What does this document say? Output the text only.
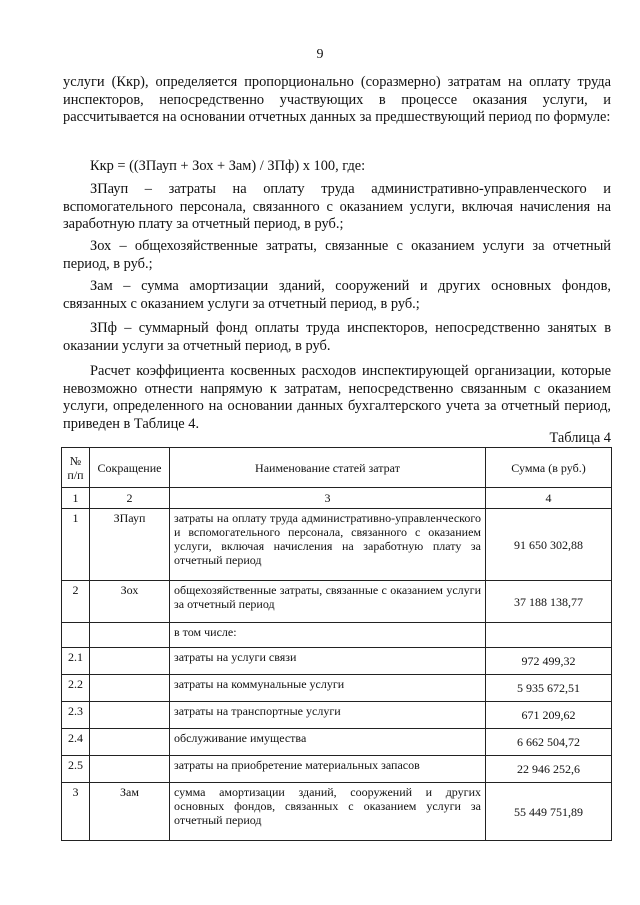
9

услуги (Ккр), определяется пропорционально (соразмерно) затратам на оплату труда инспекторов, непосредственно участвующих в процессе оказания услуги, и рассчитывается на основании отчетных данных за предшествующий период по формуле:

Ккр = ((ЗПауп + Зох + Зам) / ЗПф) х 100, где:

ЗПауп – затраты на оплату труда административно-управленческого и вспомогательного персонала, связанного с оказанием услуги, включая начисления на заработную плату за отчетный период, в руб.;

Зох – общехозяйственные затраты, связанные с оказанием услуги за отчетный период, в руб.;

Зам – сумма амортизации зданий, сооружений и других основных фондов, связанных с оказанием услуги за отчетный период, в руб.;

ЗПф – суммарный фонд оплаты труда инспекторов, непосредственно занятых в оказании услуги за отчетный период, в руб.

Расчет коэффициента косвенных расходов инспектирующей организации, которые невозможно отнести напрямую к затратам, непосредственно связанным с оказанием услуги, определенного на основании данных бухгалтерского учета за отчетный период, приведен в Таблице 4.

Таблица 4
№ п/п	Сокращение	Наименование статей затрат	Сумма (в руб.)
1	2	3	4
1	ЗПауп	затраты на оплату труда административно-управленческого и вспомогательного персонала, связанного с оказанием услуги, включая начисления на заработную плату за отчетный период	91 650 302,88
2	Зох	общехозяйственные затраты, связанные с оказанием услуги за отчетный период	37 188 138,77
		в том числе:	
2.1		затраты на услуги связи	972 499,32
2.2		затраты на коммунальные услуги	5 935 672,51
2.3		затраты на транспортные услуги	671 209,62
2.4		обслуживание имущества	6 662 504,72
2.5		затраты на приобретение материальных запасов	22 946 252,6
3	Зам	сумма амортизации зданий, сооружений и других основных фондов, связанных с оказанием услуги за отчетный период	55 449 751,89
